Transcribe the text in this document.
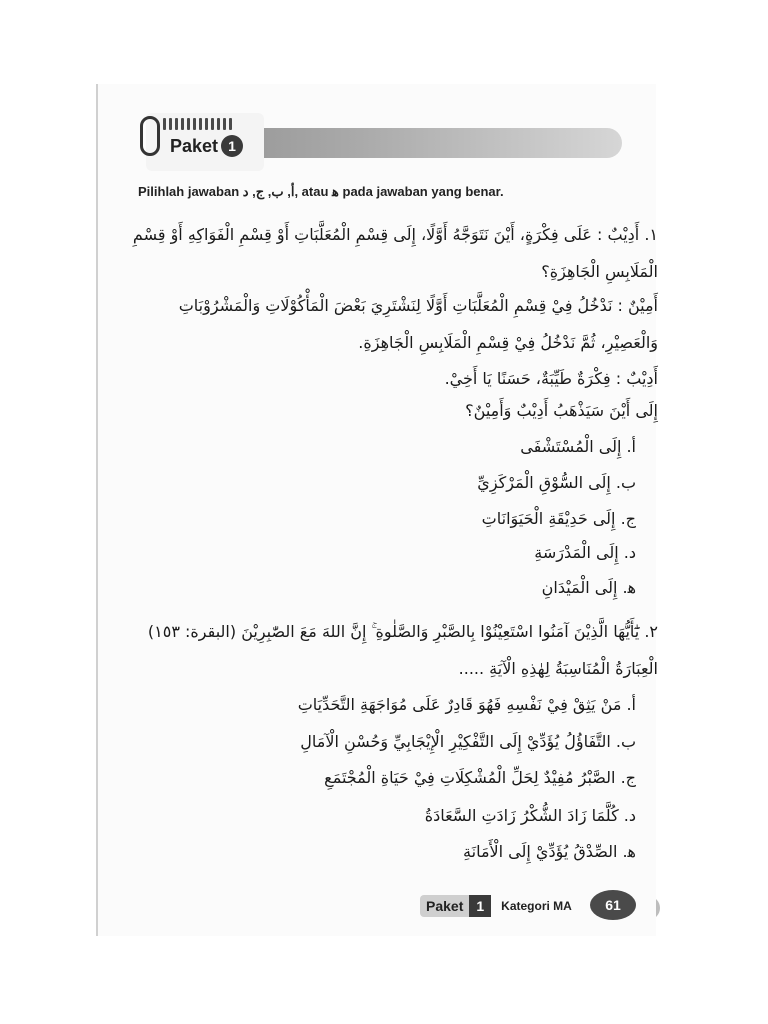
Paket 1
Pilihlah jawaban أ, ب, ج, د, atau ﻫ pada jawaban yang benar.
١. أَدِيْبٌ : عَلَى فِكْرَةٍ، أَيْنَ نَتَوَجَّهُ أَوَّلًا، إِلَى قِسْمِ الْمُعَلَّبَاتِ أَوْ قِسْمِ الْفَوَاكِهِ أَوْ قِسْمِ
الْمَلَابِسِ الْجَاهِزَةِ؟
أَمِيْنٌ : نَدْخُلُ فِيْ قِسْمِ الْمُعَلَّبَاتِ أَوَّلًا لِنَشْتَرِيَ بَعْضَ الْمَأْكُوْلَاتِ وَالْمَشْرُوْبَاتِ
وَالْعَصِيْرِ، ثُمَّ نَدْخُلُ فِيْ قِسْمِ الْمَلَابِسِ الْجَاهِزَةِ.
أَدِيْبٌ : فِكْرَةٌ طَيِّبَةٌ، حَسَنًا يَا أَخِيْ.
إِلَى أَيْنَ سَيَذْهَبُ أَدِيْبٌ وَأَمِيْنٌ؟
أ. إِلَى الْمُسْتَشْفَى
ب. إِلَى السُّوْقِ الْمَرْكَزِيِّ
ج. إِلَى حَدِيْقَةِ الْحَيَوَانَاتِ
د. إِلَى الْمَدْرَسَةِ
ﻫ. إِلَى الْمَيْدَانِ
٢. يَٰٓأَيُّهَا الَّذِيْنَ آمَنُوا اسْتَعِيْنُوْا بِالصَّبْرِ وَالصَّلٰوةِ ۚ إِنَّ اللهَ مَعَ الصّٰبِرِيْنَ (البقرة: ١٥٣)
الْعِبَارَةُ الْمُنَاسِبَةُ لِهٰذِهِ الْآيَةِ .....
أ. مَنْ يَثِقْ فِيْ نَفْسِهِ فَهُوَ قَادِرٌ عَلَى مُوَاجَهَةِ التَّحَدِّيَاتِ
ب. التَّفَاؤُلُ يُؤَدِّيْ إِلَى التَّفْكِيْرِ الْإِيْجَابِيِّ وَحُسْنِ الْآمَالِ
ج. الصَّبْرُ مُفِيْدٌ لِحَلِّ الْمُشْكِلَاتِ فِيْ حَيَاةِ الْمُجْتَمَعِ
د. كُلَّمَا زَادَ الشُّكْرُ زَادَتِ السَّعَادَةُ
ﻫ. الصِّدْقُ يُؤَدِّيْ إِلَى الْأَمَانَةِ
Paket 1	Kategori MA	61
